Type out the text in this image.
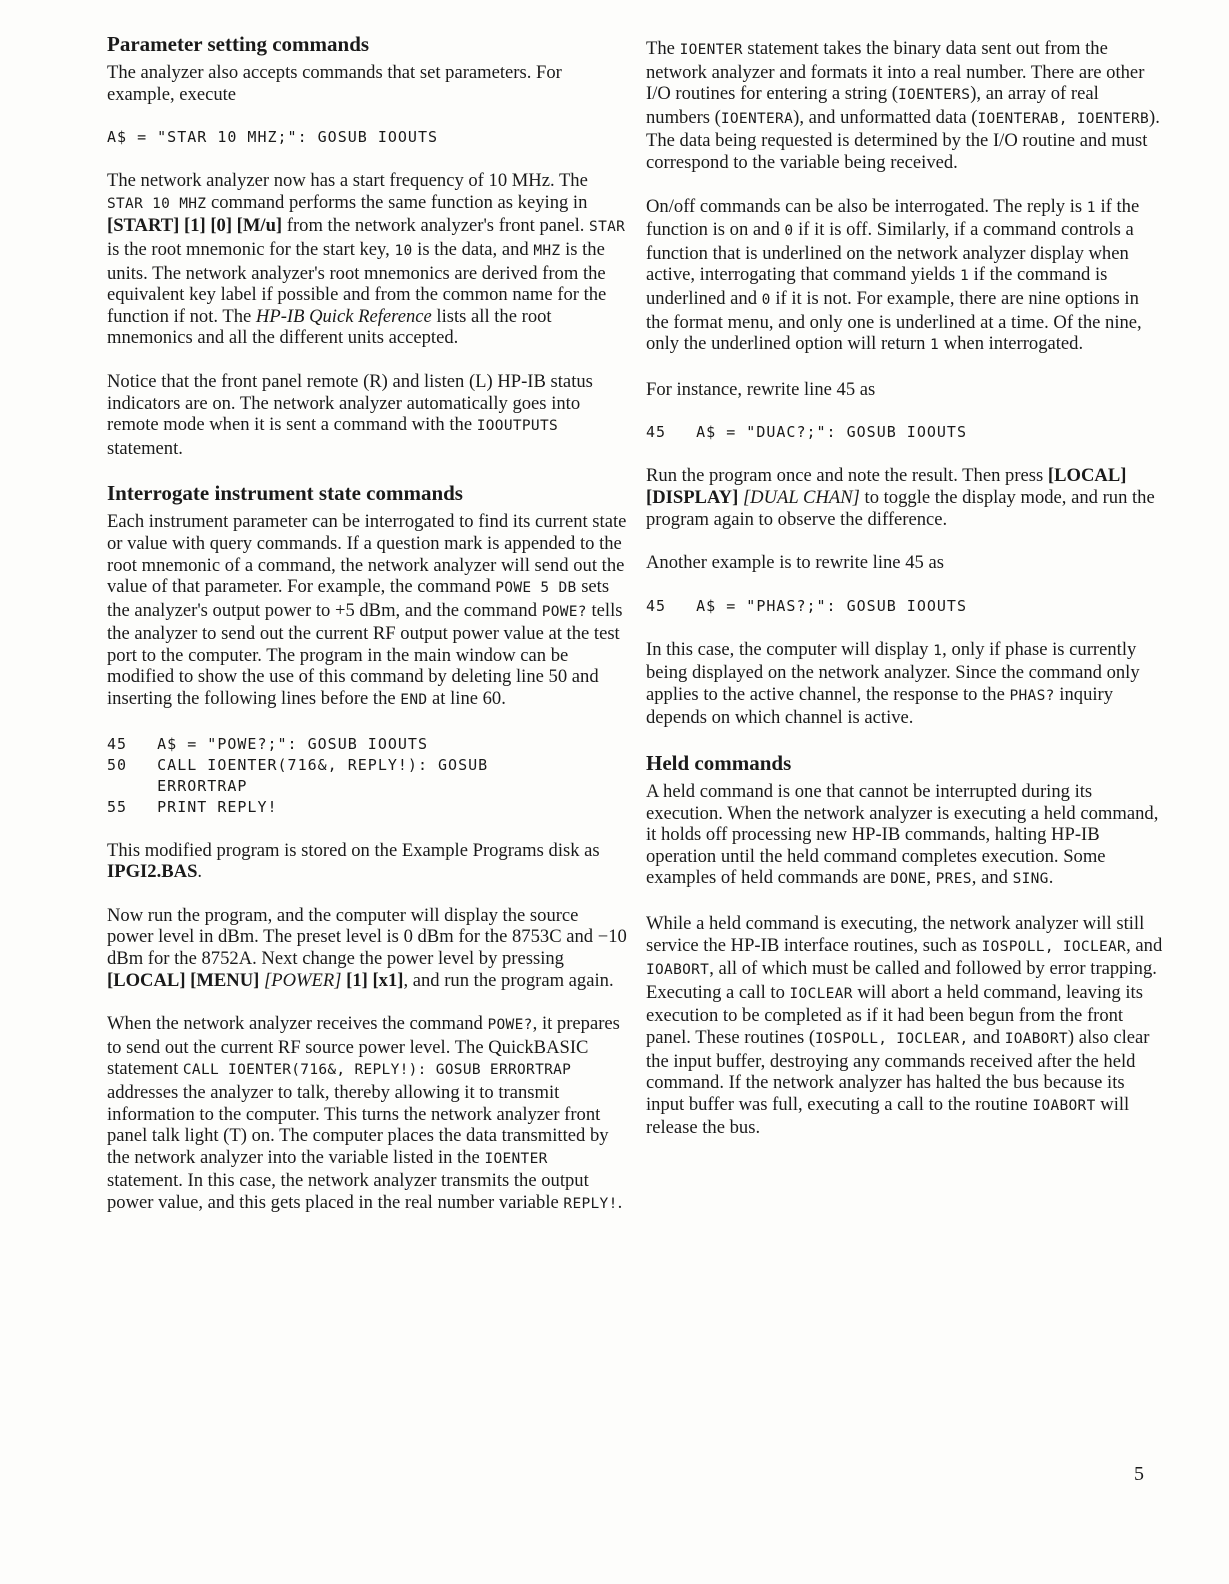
Parameter setting commands

The analyzer also accepts commands that set parameters. For example, execute

A$ = "STAR 10 MHZ;": GOSUB IOOUTS

The network analyzer now has a start frequency of 10 MHz. The STAR 10 MHZ command performs the same function as keying in [START] [1] [0] [M/u] from the network analyzer's front panel. STAR is the root mnemonic for the start key, 10 is the data, and MHZ is the units. The network analyzer's root mnemonics are derived from the equivalent key label if possible and from the common name for the function if not. The HP-IB Quick Reference lists all the root mnemonics and all the different units accepted.

Notice that the front panel remote (R) and listen (L) HP-IB status indicators are on. The network analyzer automatically goes into remote mode when it is sent a command with the IOOUTPUTS statement.

Interrogate instrument state commands

Each instrument parameter can be interrogated to find its current state or value with query commands. If a question mark is appended to the root mnemonic of a command, the network analyzer will send out the value of that parameter. For example, the command POWE 5 DB sets the analyzer's output power to +5 dBm, and the command POWE? tells the analyzer to send out the current RF output power value at the test port to the computer. The program in the main window can be modified to show the use of this command by deleting line 50 and inserting the following lines before the END at line 60.

45   A$ = "POWE?;": GOSUB IOOUTS
50   CALL IOENTER(716&, REPLY!): GOSUB
ERRORTRAP
55   PRINT REPLY!

This modified program is stored on the Example Programs disk as IPGI2.BAS.

Now run the program, and the computer will display the source power level in dBm. The preset level is 0 dBm for the 8753C and −10 dBm for the 8752A. Next change the power level by pressing [LOCAL] [MENU] [POWER] [1] [x1], and run the program again.

When the network analyzer receives the command POWE?, it prepares to send out the current RF source power level. The QuickBASIC statement CALL IOENTER(716&, REPLY!): GOSUB ERRORTRAP addresses the analyzer to talk, thereby allowing it to transmit information to the computer. This turns the network analyzer front panel talk light (T) on. The computer places the data transmitted by the network analyzer into the variable listed in the IOENTER statement. In this case, the network analyzer transmits the output power value, and this gets placed in the real number variable REPLY!.

The IOENTER statement takes the binary data sent out from the network analyzer and formats it into a real number. There are other I/O routines for entering a string (IOENTERS), an array of real numbers (IOENTERA), and unformatted data (IOENTERAB, IOENTERB). The data being requested is determined by the I/O routine and must correspond to the variable being received.

On/off commands can be also be interrogated. The reply is 1 if the function is on and 0 if it is off. Similarly, if a command controls a function that is underlined on the network analyzer display when active, interrogating that command yields 1 if the command is underlined and 0 if it is not. For example, there are nine options in the format menu, and only one is underlined at a time. Of the nine, only the underlined option will return 1 when interrogated.

For instance, rewrite line 45 as

45   A$ = "DUAC?;": GOSUB IOOUTS

Run the program once and note the result. Then press [LOCAL] [DISPLAY] [DUAL CHAN] to toggle the display mode, and run the program again to observe the difference.

Another example is to rewrite line 45 as

45   A$ = "PHAS?;": GOSUB IOOUTS

In this case, the computer will display 1, only if phase is currently being displayed on the network analyzer. Since the command only applies to the active channel, the response to the PHAS? inquiry depends on which channel is active.

Held commands

A held command is one that cannot be interrupted during its execution. When the network analyzer is executing a held command, it holds off processing new HP-IB commands, halting HP-IB operation until the held command completes execution. Some examples of held commands are DONE, PRES, and SING.

While a held command is executing, the network analyzer will still service the HP-IB interface routines, such as IOSPOLL, IOCLEAR, and IOABORT, all of which must be called and followed by error trapping. Executing a call to IOCLEAR will abort a held command, leaving its execution to be completed as if it had been begun from the front panel. These routines (IOSPOLL, IOCLEAR, and IOABORT) also clear the input buffer, destroying any commands received after the held command. If the network analyzer has halted the bus because its input buffer was full, executing a call to the routine IOABORT will release the bus.

5
